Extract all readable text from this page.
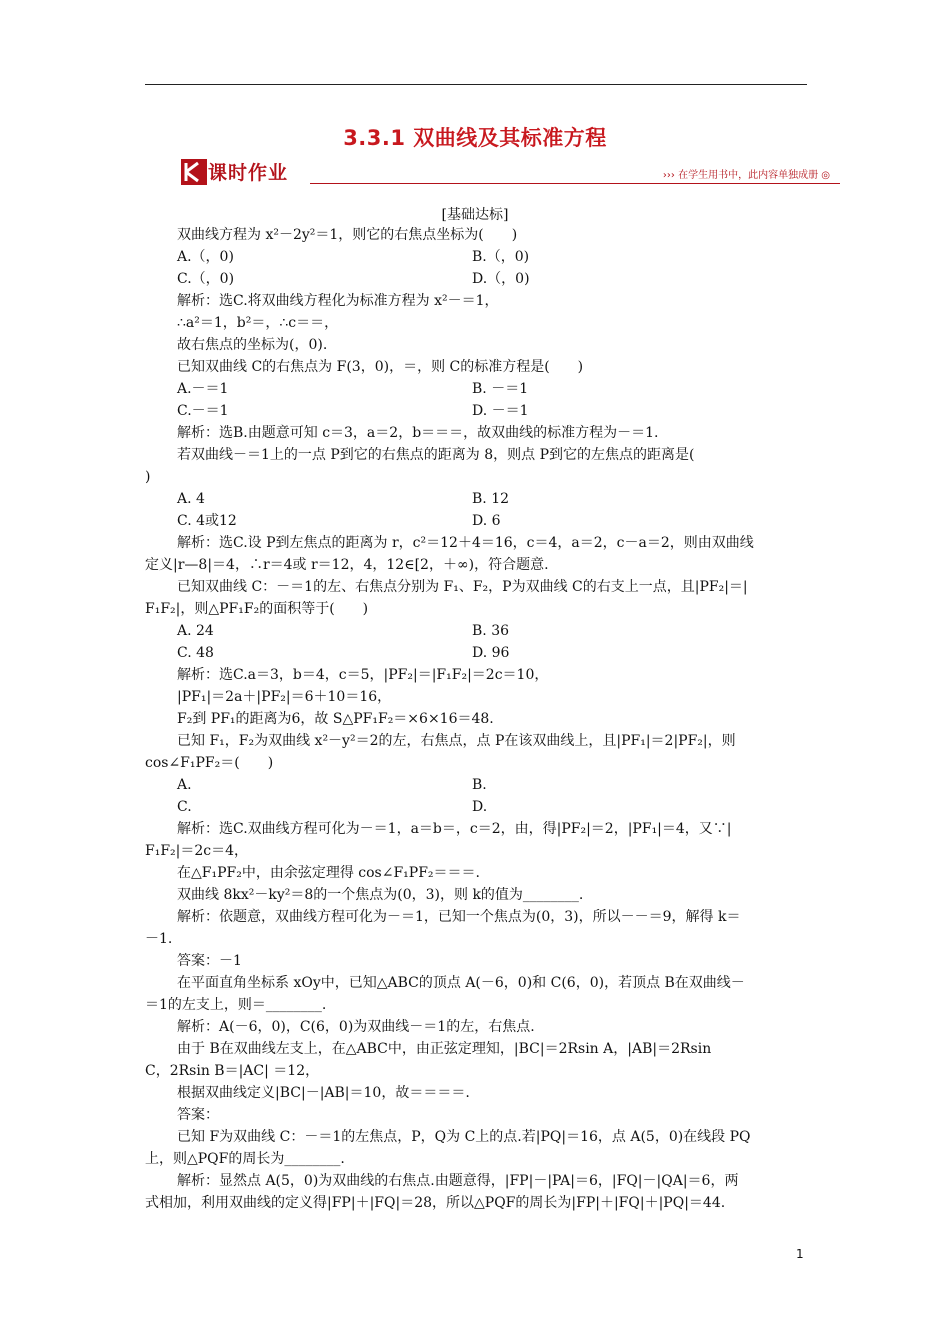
3.3.1 双曲线及其标准方程
课时作业	››› 在学生用书中，此内容单独成册 ◎
[基础达标]
双曲线方程为 x²－2y²＝1，则它的右焦点坐标为(　　)
A.（，0)	B.（，0)
C.（，0)	D.（，0)
解析：选C.将双曲线方程化为标准方程为 x²－＝1，
∴a²＝1，b²＝，∴c＝＝，
故右焦点的坐标为(，0).
已知双曲线 C的右焦点为 F(3，0)，＝，则 C的标准方程是(　　)
A.－＝1	B. －＝1
C.－＝1	D. －＝1
解析：选B.由题意可知 c＝3，a＝2，b＝＝＝，故双曲线的标准方程为－＝1.
若双曲线－＝1上的一点 P到它的右焦点的距离为 8，则点 P到它的左焦点的距离是(
)
A. 4	B. 12
C. 4或12	D. 6
解析：选C.设 P到左焦点的距离为 r，c²＝12＋4＝16，c＝4，a＝2，c－a＝2，则由双曲线
定义|r—8|＝4，∴r＝4或 r＝12，4，12∈[2，＋∞)，符合题意.
已知双曲线 C：－＝1的左、右焦点分别为 F₁、F₂，P为双曲线 C的右支上一点，且|PF₂|＝|
F₁F₂|，则△PF₁F₂的面积等于(　　)
A. 24	B. 36
C. 48	D. 96
解析：选C.a＝3，b＝4，c＝5，|PF₂|＝|F₁F₂|＝2c＝10，
|PF₁|＝2a＋|PF₂|＝6＋10＝16，
F₂到 PF₁的距离为6，故 S△PF₁F₂＝×6×16＝48.
已知 F₁，F₂为双曲线 x²－y²＝2的左，右焦点，点 P在该双曲线上，且|PF₁|＝2|PF₂|，则
cos∠F₁PF₂＝(　　)
A.	B.
C.	D.
解析：选C.双曲线方程可化为－＝1，a＝b＝，c＝2，由，得|PF₂|＝2，|PF₁|＝4，又∵|
F₁F₂|＝2c＝4，
在△F₁PF₂中，由余弦定理得 cos∠F₁PF₂＝＝＝.
双曲线 8kx²－ky²＝8的一个焦点为(0，3)，则 k的值为________.
解析：依题意，双曲线方程可化为－＝1，已知一个焦点为(0，3)，所以－－＝9，解得 k＝
－1.
答案：－1
在平面直角坐标系 xOy中，已知△ABC的顶点 A(－6，0)和 C(6，0)，若顶点 B在双曲线－
＝1的左支上，则＝________.
解析：A(－6，0)，C(6，0)为双曲线－＝1的左，右焦点.
由于 B在双曲线左支上，在△ABC中，由正弦定理知，|BC|＝2Rsin A，|AB|＝2Rsin
C，2Rsin B＝|AC| ＝12，
根据双曲线定义|BC|－|AB|＝10，故＝＝＝＝.
答案：
已知 F为双曲线 C：－＝1的左焦点，P，Q为 C上的点.若|PQ|＝16，点 A(5，0)在线段 PQ
上，则△PQF的周长为________.
解析：显然点 A(5，0)为双曲线的右焦点.由题意得，|FP|－|PA|＝6，|FQ|－|QA|＝6，两
式相加，利用双曲线的定义得|FP|＋|FQ|＝28，所以△PQF的周长为|FP|＋|FQ|＋|PQ|＝44.
1
